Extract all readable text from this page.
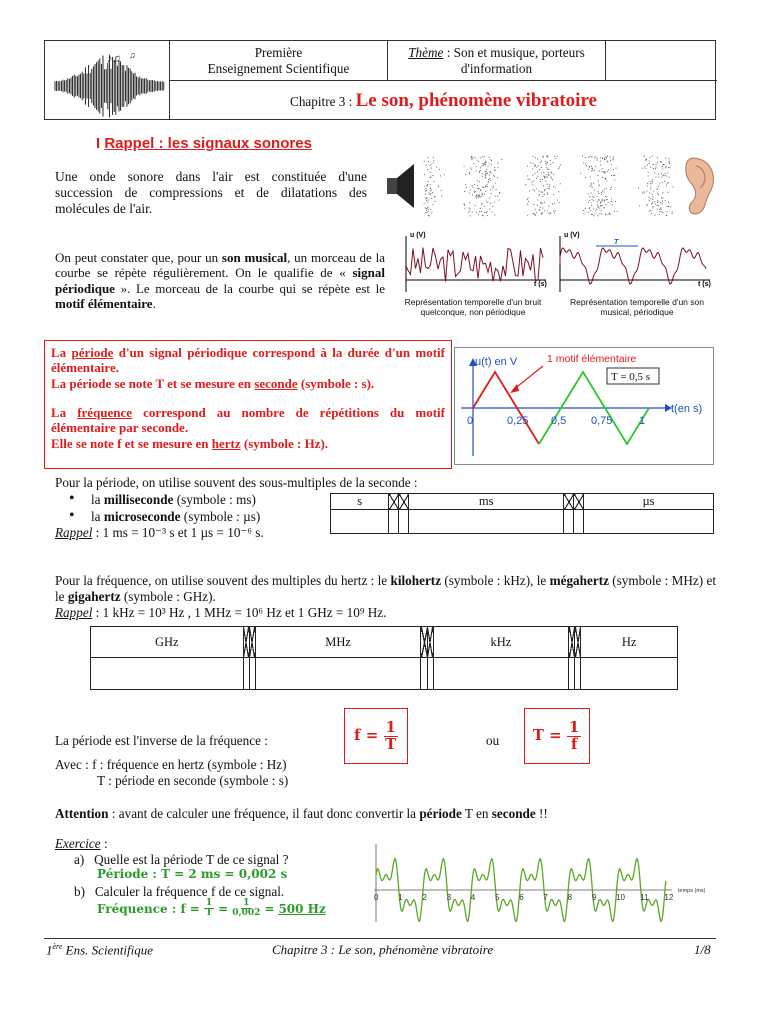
♪♫ ♫	Première
Enseignement Scientifique
Thème : Son et musique, porteurs d'information
Chapitre 3 : Le son, phénomène vibratoire
I Rappel : les signaux sonores
Une onde sonore dans l'air est constituée d'une succession de compressions et de dilatations des molécules de l'air.
On peut constater que, pour un son musical, un morceau de la courbe se répète régulièrement. On le qualifie de « signal périodique ». Le morceau de la courbe qui se répète est le motif élémentaire.
u (V)
t (s)
u (V)
t (s)
T
Représentation temporelle d'un bruit quelconque, non périodique
Représentation temporelle d'un son musical, périodique
La période d'un signal périodique correspond à la durée d'un motif élémentaire.
La période se note T et se mesure en seconde (symbole : s).
La fréquence correspond au nombre de répétitions du motif élémentaire par seconde.
Elle se note f et se mesure en hertz (symbole : Hz).
u(t) en V
t(en s)
1 motif élémentaire
T = 0,5 s
0	0,25 0,5 0,75 1
Pour la période, on utilise souvent des sous-multiples de la seconde :
• la milliseconde (symbole : ms)
• la microseconde (symbole : µs)
Rappel : 1 ms = 10⁻³ s et 1 µs = 10⁻⁶ s.
s			ms			µs

Pour la fréquence, on utilise souvent des multiples du hertz : le kilohertz (symbole : kHz), le mégahertz (symbole : MHz) et le gigahertz (symbole : GHz).
Rappel : 1 kHz = 10³ Hz , 1 MHz = 10⁶ Hz et 1 GHz = 10⁹ Hz.
GHz			MHz			kHz			Hz

La période est l'inverse de la fréquence :	f =
$\frac{1}{T}$	ou T =
$\frac{1}{f}$
Avec : f : fréquence en hertz (symbole : Hz)
T : période en seconde (symbole : s)
Attention : avant de calculer une fréquence, il faut donc convertir la période T en seconde !!
Exercice :
a) Quelle est la période T de ce signal ?
Période : T = 2 ms = 0,002 s
b) Calculer la fréquence f de ce signal.
Fréquence : $f = \frac{1}{T} = \frac{1}{0,002} = 500$ Hz
0 1 2 3 4 5 6 7 8 9 10 11 12
temps (ms)
1ère Ens. Scientifique	Chapitre 3 : Le son, phénomène vibratoire	1/8
